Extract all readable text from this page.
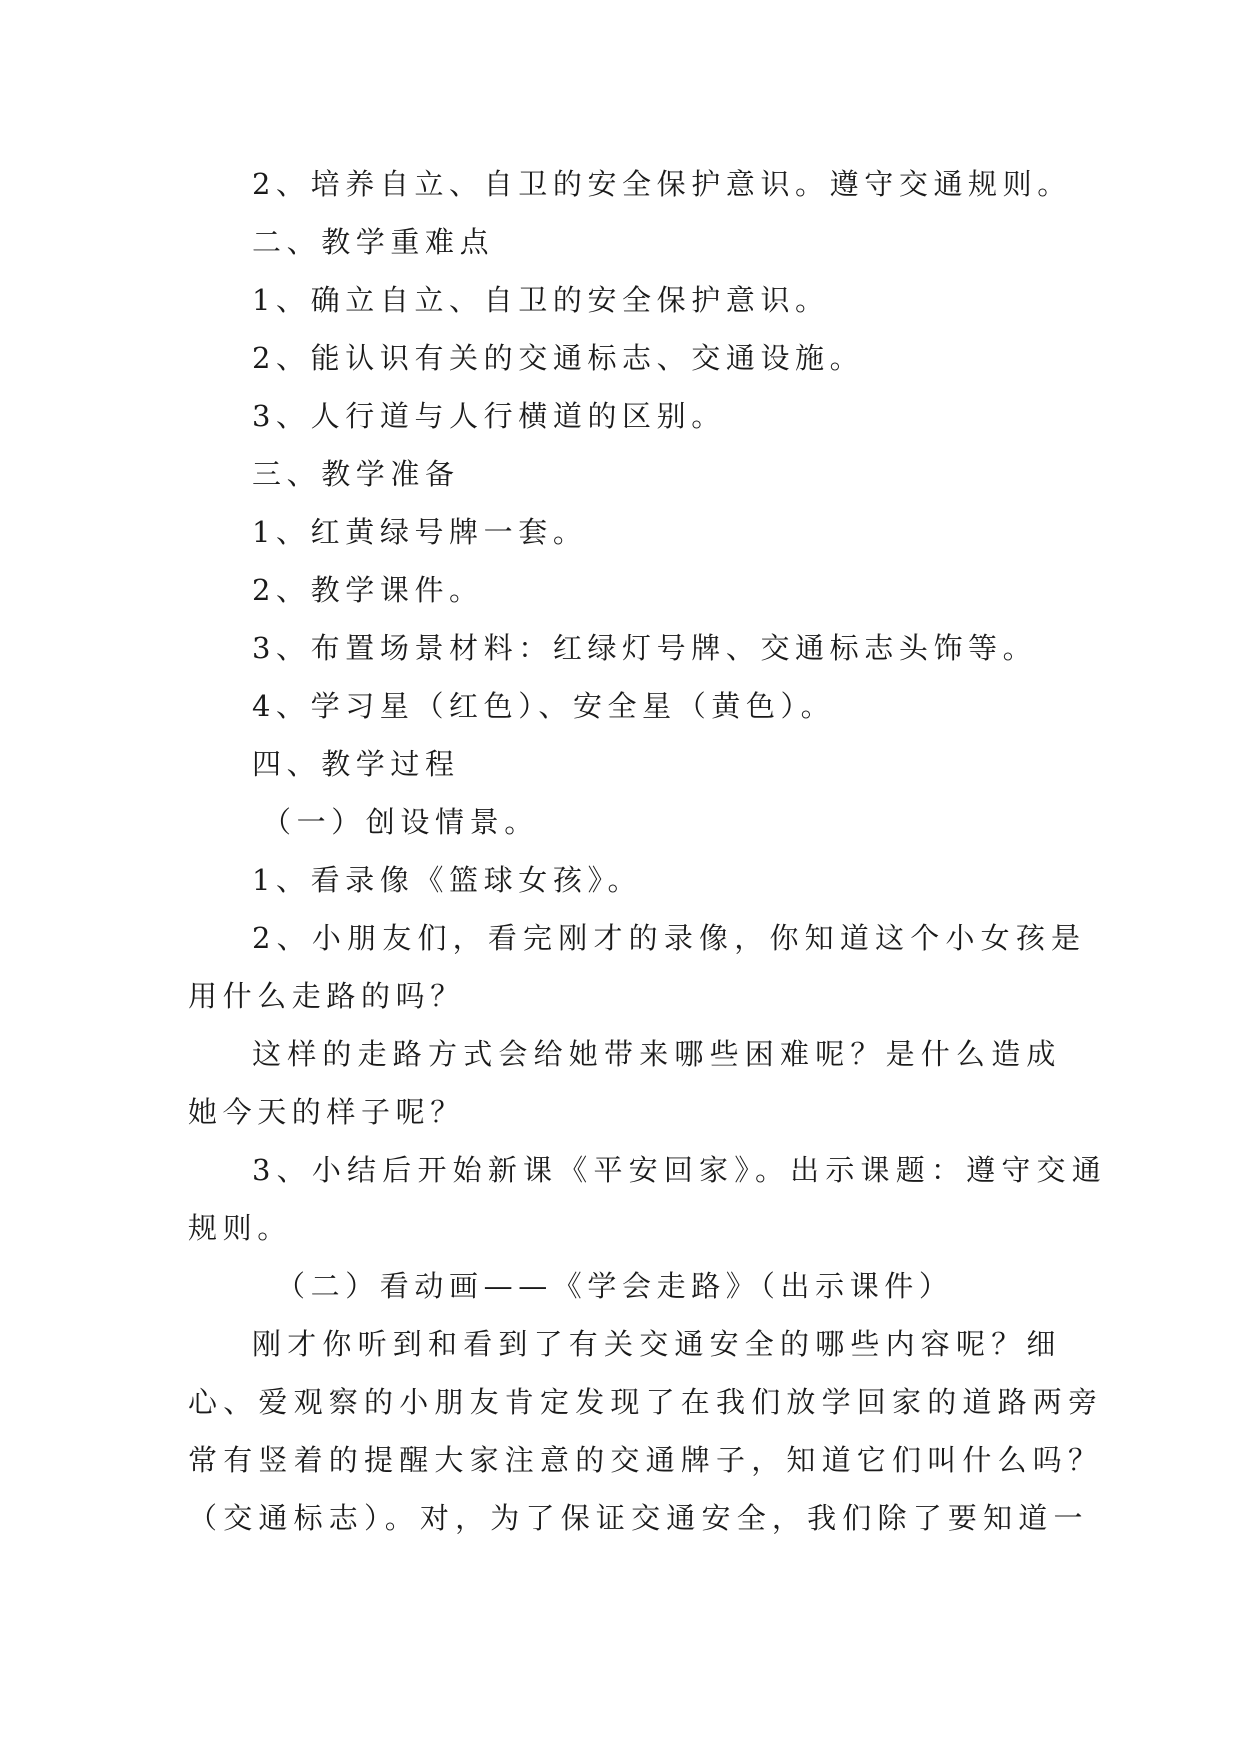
2、培养自立、自卫的安全保护意识。遵守交通规则。

二、教学重难点

1、确立自立、自卫的安全保护意识。

2、能认识有关的交通标志、交通设施。

3、人行道与人行横道的区别。

三、教学准备

1、红黄绿号牌一套。

2、教学课件。

3、布置场景材料：红绿灯号牌、交通标志头饰等。

4、学习星（红色）、安全星（黄色）。

四、教学过程

（一）创设情景。

1、看录像《篮球女孩》。

2、小朋友们，看完刚才的录像，你知道这个小女孩是

用什么走路的吗？

这样的走路方式会给她带来哪些困难呢？是什么造成

她今天的样子呢？

3、小结后开始新课《平安回家》。出示课题：遵守交通

规则。

（二）看动画——《学会走路》（出示课件）

刚才你听到和看到了有关交通安全的哪些内容呢？细

心、爱观察的小朋友肯定发现了在我们放学回家的道路两旁

常有竖着的提醒大家注意的交通牌子，知道它们叫什么吗？

（交通标志）。对，为了保证交通安全，我们除了要知道一
